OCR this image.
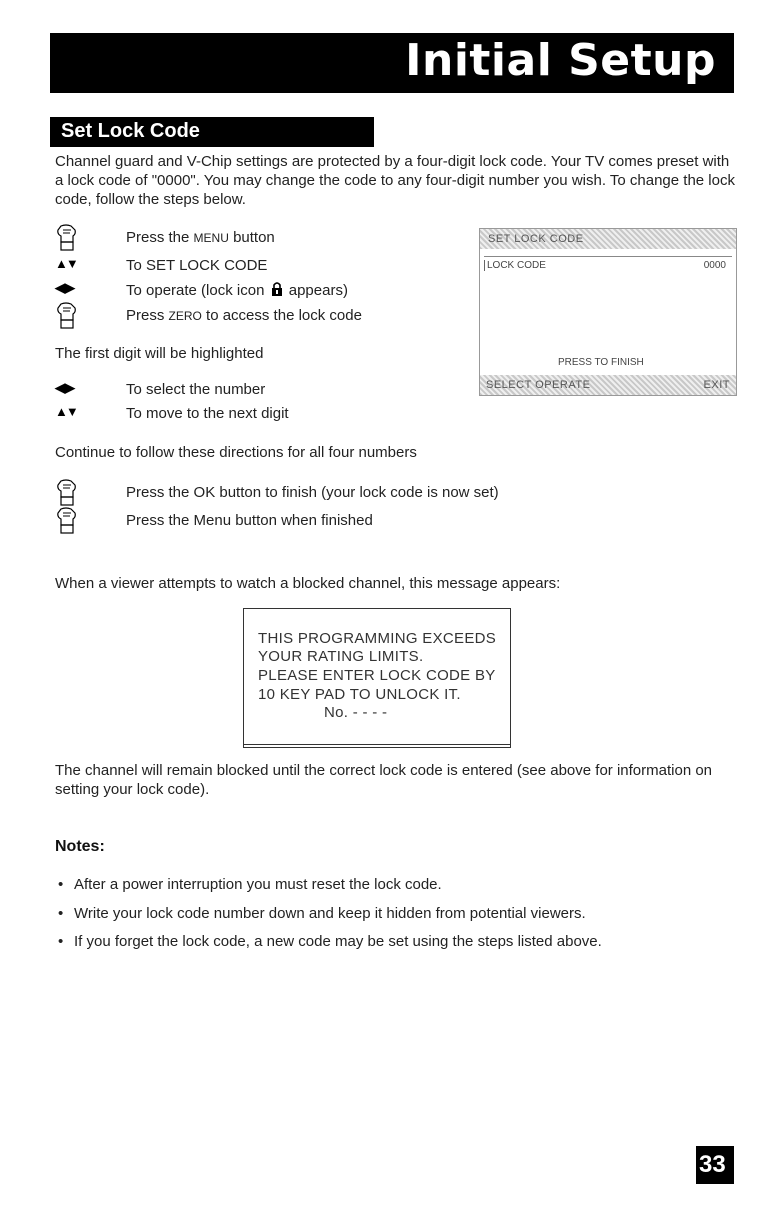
Initial Setup
Set Lock Code
Channel guard and V-Chip settings are protected by a four-digit lock code. Your TV comes preset with a lock code of "0000". You may change the code to any four-digit number you wish. To change the lock code, follow the steps below.
Press the MENU button
▲▼	To SET LOCK CODE
◀▶	To operate (lock icon appears)
Press ZERO to access the lock code
The first digit will be highlighted
◀▶	To select the number
▲▼	To move to the next digit
Continue to follow these directions for all four numbers
Press the OK button to finish (your lock code is now set)
Press the Menu button when finished
SET LOCK CODE
LOCK CODE	0000
PRESS TO FINISH
SELECT OPERATE	EXIT
When a viewer attempts to watch a blocked channel, this message appears:
THIS PROGRAMMING EXCEEDS
YOUR RATING LIMITS.
PLEASE ENTER LOCK CODE BY
10 KEY PAD TO UNLOCK IT.
No. - - - -
The channel will remain blocked until the correct lock code is entered (see above for information on setting your lock code).
Notes:
• After a power interruption you must reset the lock code.
• Write your lock code number down and keep it hidden from potential viewers.
• If you forget the lock code, a new code may be set using the steps listed above.
33
